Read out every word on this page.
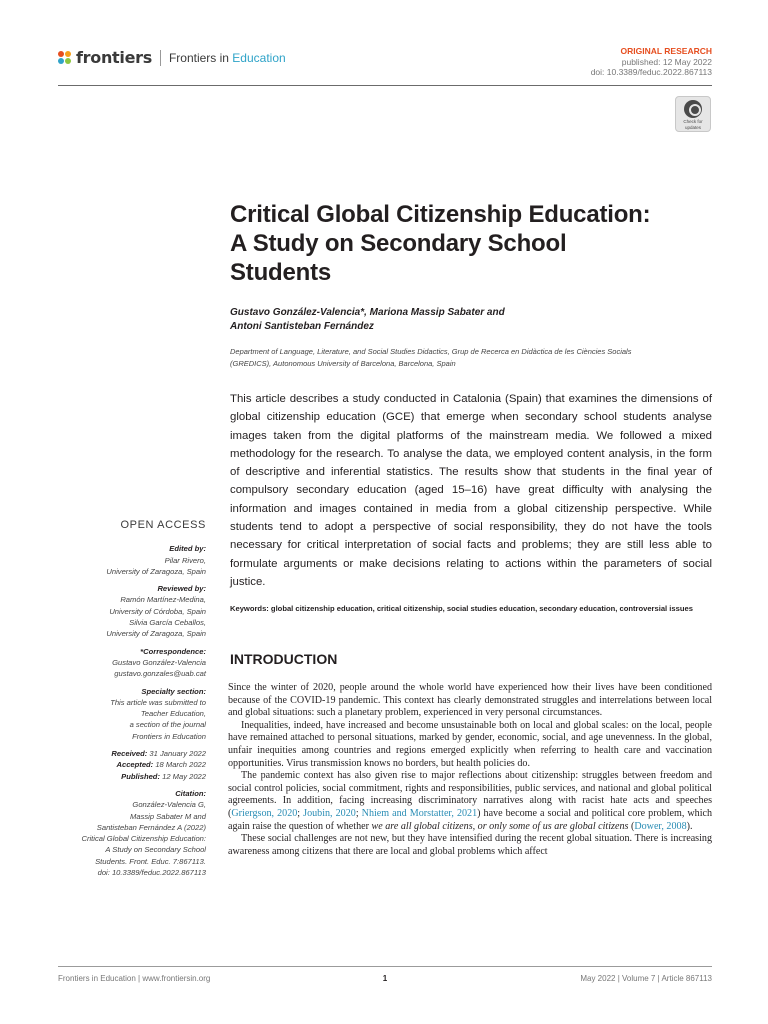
frontiers Frontiers in Education	ORIGINAL RESEARCH
published: 12 May 2022
doi: 10.3389/feduc.2022.867113
Check for
updates
Critical Global Citizenship Education:
A Study on Secondary School
Students
Gustavo González-Valencia*, Mariona Massip Sabater and
Antoni Santisteban Fernández
Department of Language, Literature, and Social Studies Didactics, Grup de Recerca en Didàctica de les Ciències Socials
(GREDICS), Autonomous University of Barcelona, Barcelona, Spain
This article describes a study conducted in Catalonia (Spain) that examines the dimensions of global citizenship education (GCE) that emerge when secondary school students analyse images taken from the digital platforms of the mainstream media. We followed a mixed methodology for the research. To analyse the data, we employed content analysis, in the form of descriptive and inferential statistics. The results show that students in the final year of compulsory secondary education (aged 15–16) have great difficulty with analysing the information and images contained in media from a global citizenship perspective. While students tend to adopt a perspective of social responsibility, they do not have the tools necessary for critical interpretation of social facts and problems; they are still less able to formulate arguments or make decisions relating to actions within the parameters of social justice.
Keywords: global citizenship education, critical citizenship, social studies education, secondary education, controversial issues
INTRODUCTION

Since the winter of 2020, people around the whole world have experienced how their lives have been conditioned because of the COVID-19 pandemic. This context has clearly demonstrated struggles and interrelations between local and global situations: such a planetary problem, experienced in very personal circumstances.

Inequalities, indeed, have increased and become unsustainable both on local and global scales: on the local, people have remained attached to personal situations, marked by gender, economic, social, and age unevenness. In the global, unfair inequities among countries and regions emerged explicitly when referring to health care and vaccination opportunities. Virus transmission knows no borders, but health policies do.

The pandemic context has also given rise to major reflections about citizenship: struggles between freedom and social control policies, social commitment, rights and responsibilities, public services, and national and global political agreements. In addition, facing increasing discriminatory narratives along with racist hate acts and speeches (Griergson, 2020; Joubin, 2020; Nhiem and Morstatter, 2021) have become a social and political core problem, which again raise the question of whether we are all global citizens, or only some of us are global citizens (Dower, 2008).

These social challenges are not new, but they have intensified during the recent global situation. There is increasing awareness among citizens that there are local and global problems which affect

OPEN ACCESS
Edited by:
Pilar Rivero,
University of Zaragoza, Spain
Reviewed by:
Ramón Martínez-Medina,
University of Córdoba, Spain
Silvia García Ceballos,
University of Zaragoza, Spain
*Correspondence:
Gustavo González-Valencia
gustavo.gonzales@uab.cat
Specialty section:
This article was submitted to
Teacher Education,
a section of the journal
Frontiers in Education
Received: 31 January 2022
Accepted: 18 March 2022
Published: 12 May 2022
Citation:
González-Valencia G,
Massip Sabater M and
Santisteban Fernández A (2022)
Critical Global Citizenship Education:
A Study on Secondary School
Students. Front. Educ. 7:867113.
doi: 10.3389/feduc.2022.867113
Frontiers in Education | www.frontiersin.org	1	May 2022 | Volume 7 | Article 867113
